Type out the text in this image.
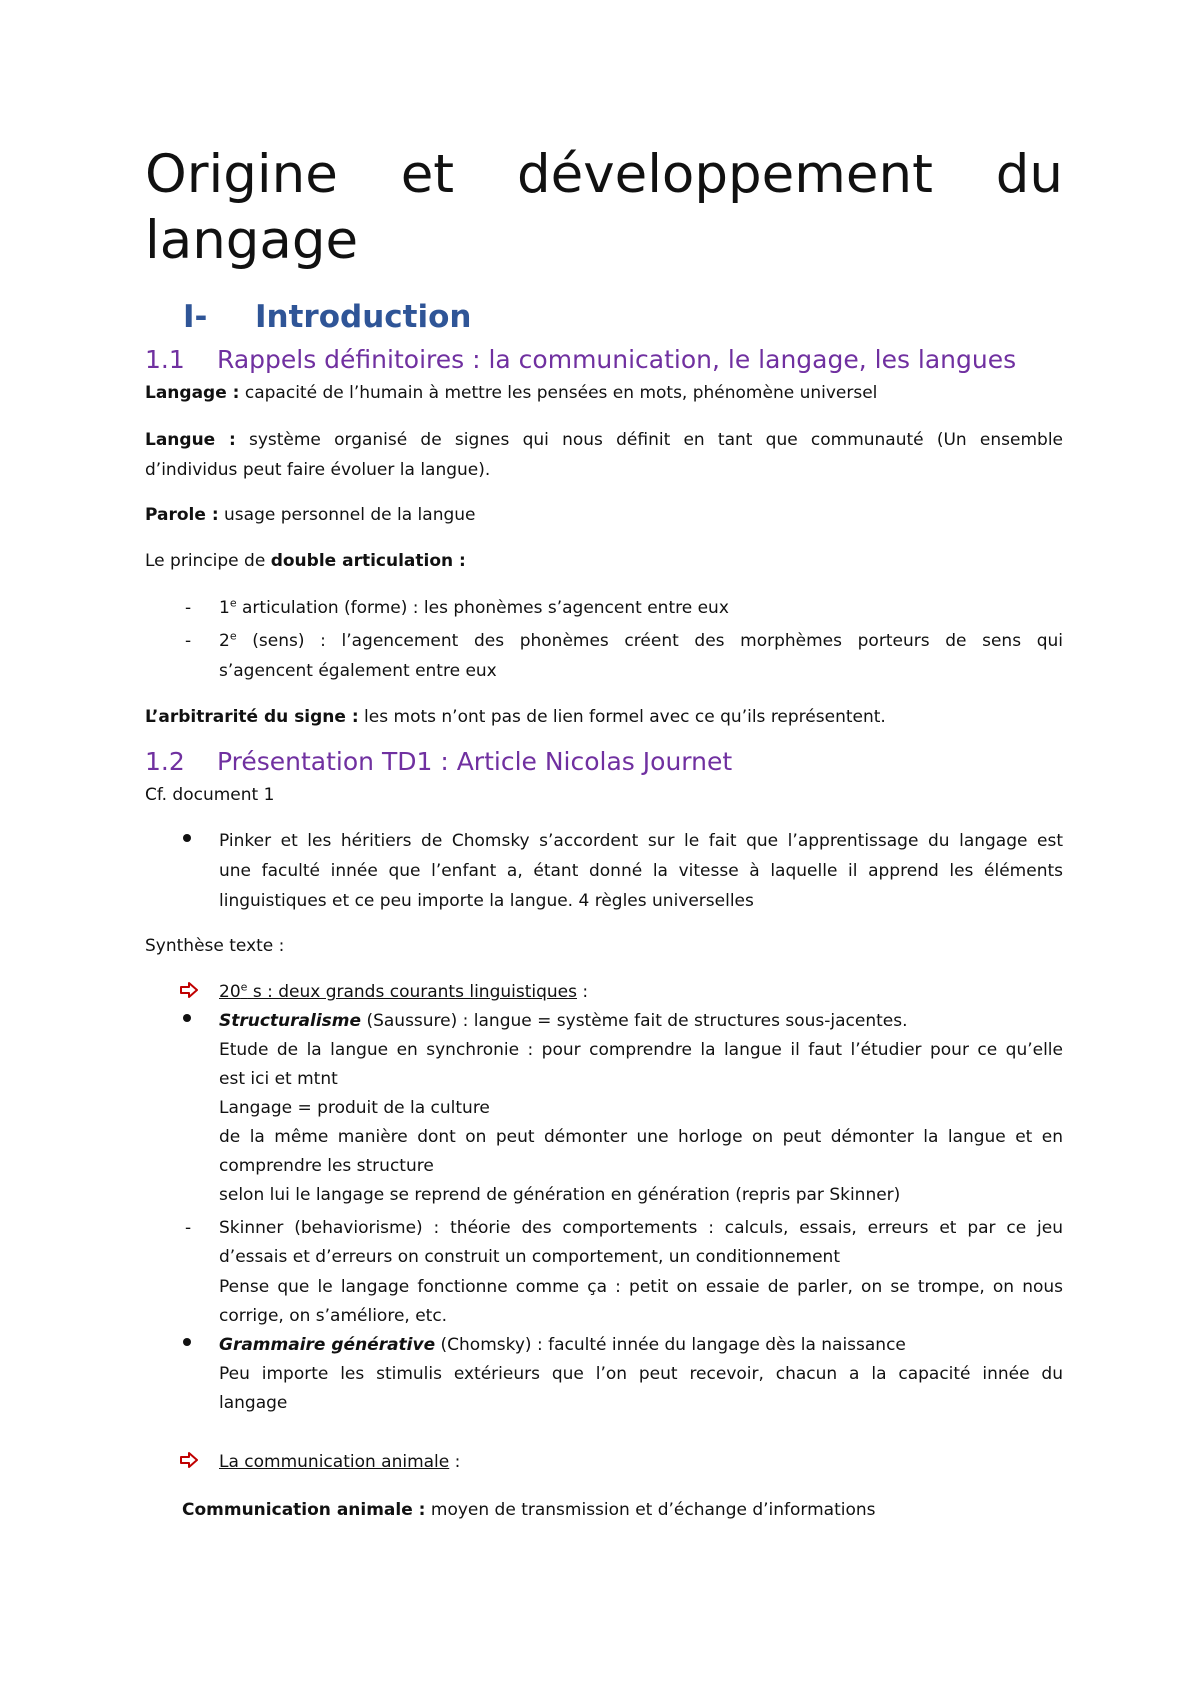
Origine et développement du
langage
I- Introduction
1.1 Rappels définitoires : la communication, le langage, les langues
Langage : capacité de l’humain à mettre les pensées en mots, phénomène universel
Langue : système organisé de signes qui nous définit en tant que communauté (Un ensemble
d’individus peut faire évoluer la langue).
Parole : usage personnel de la langue
Le principe de double articulation :
- 1e articulation (forme) : les phonèmes s’agencent entre eux
- 2e (sens) : l’agencement des phonèmes créent des morphèmes porteurs de sens qui
s’agencent également entre eux
L’arbitrarité du signe : les mots n’ont pas de lien formel avec ce qu’ils représentent.
1.2 Présentation TD1 : Article Nicolas Journet
Cf. document 1
Pinker et les héritiers de Chomsky s’accordent sur le fait que l’apprentissage du langage est
une faculté innée que l’enfant a, étant donné la vitesse à laquelle il apprend les éléments
linguistiques et ce peu importe la langue. 4 règles universelles
Synthèse texte :
20e s : deux grands courants linguistiques :
Structuralisme (Saussure) : langue = système fait de structures sous-jacentes.
Etude de la langue en synchronie : pour comprendre la langue il faut l’étudier pour ce qu’elle
est ici et mtnt
Langage = produit de la culture
de la même manière dont on peut démonter une horloge on peut démonter la langue et en
comprendre les structure
selon lui le langage se reprend de génération en génération (repris par Skinner)
- Skinner (behaviorisme) : théorie des comportements : calculs, essais, erreurs et par ce jeu
d’essais et d’erreurs on construit un comportement, un conditionnement
Pense que le langage fonctionne comme ça : petit on essaie de parler, on se trompe, on nous
corrige, on s’améliore, etc.
Grammaire générative (Chomsky) : faculté innée du langage dès la naissance
Peu importe les stimulis extérieurs que l’on peut recevoir, chacun a la capacité innée du
langage
La communication animale :
Communication animale : moyen de transmission et d’échange d’informations
